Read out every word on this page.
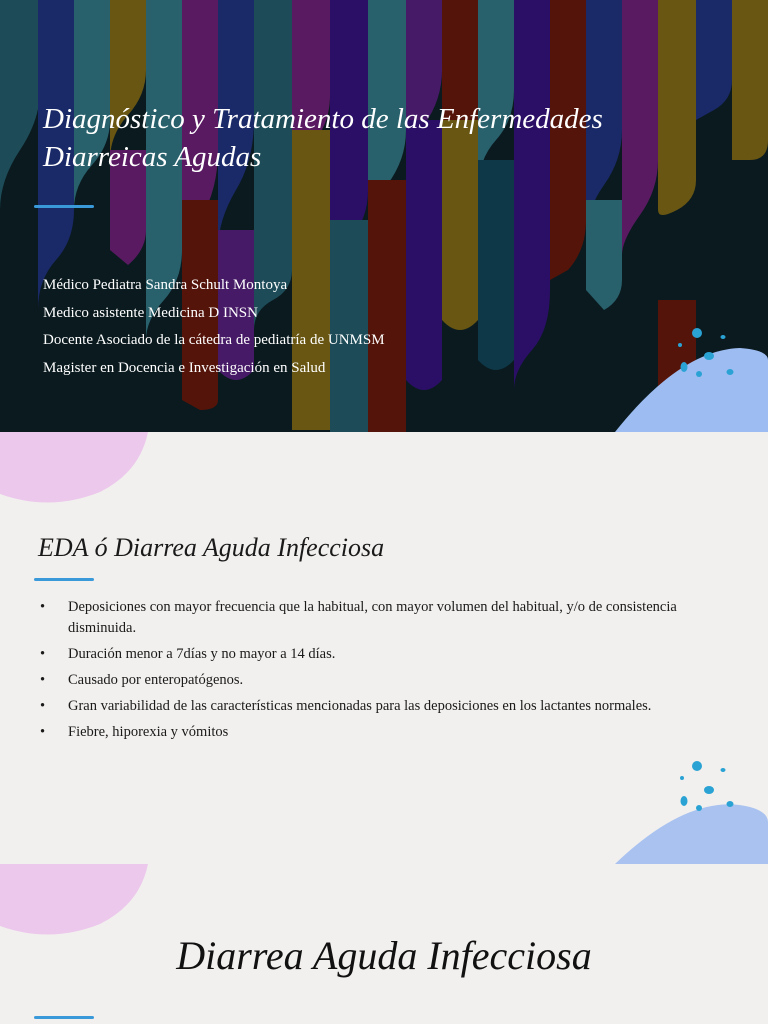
Diagnóstico y Tratamiento de las Enfermedades Diarreicas Agudas
Médico Pediatra Sandra Schult Montoya
Medico asistente Medicina D INSN
Docente Asociado de la cátedra de pediatría de UNMSM
Magister en Docencia e Investigación en Salud
EDA ó Diarrea Aguda Infecciosa
• Deposiciones con mayor frecuencia que la habitual, con mayor volumen del habitual, y/o de consistencia disminuida.
• Duración menor a 7días y no mayor a 14 días.
• Causado por enteropatógenos.
• Gran variabilidad de las características mencionadas para las deposiciones en los lactantes normales.
• Fiebre, hiporexia y vómitos
Diarrea Aguda Infecciosa
